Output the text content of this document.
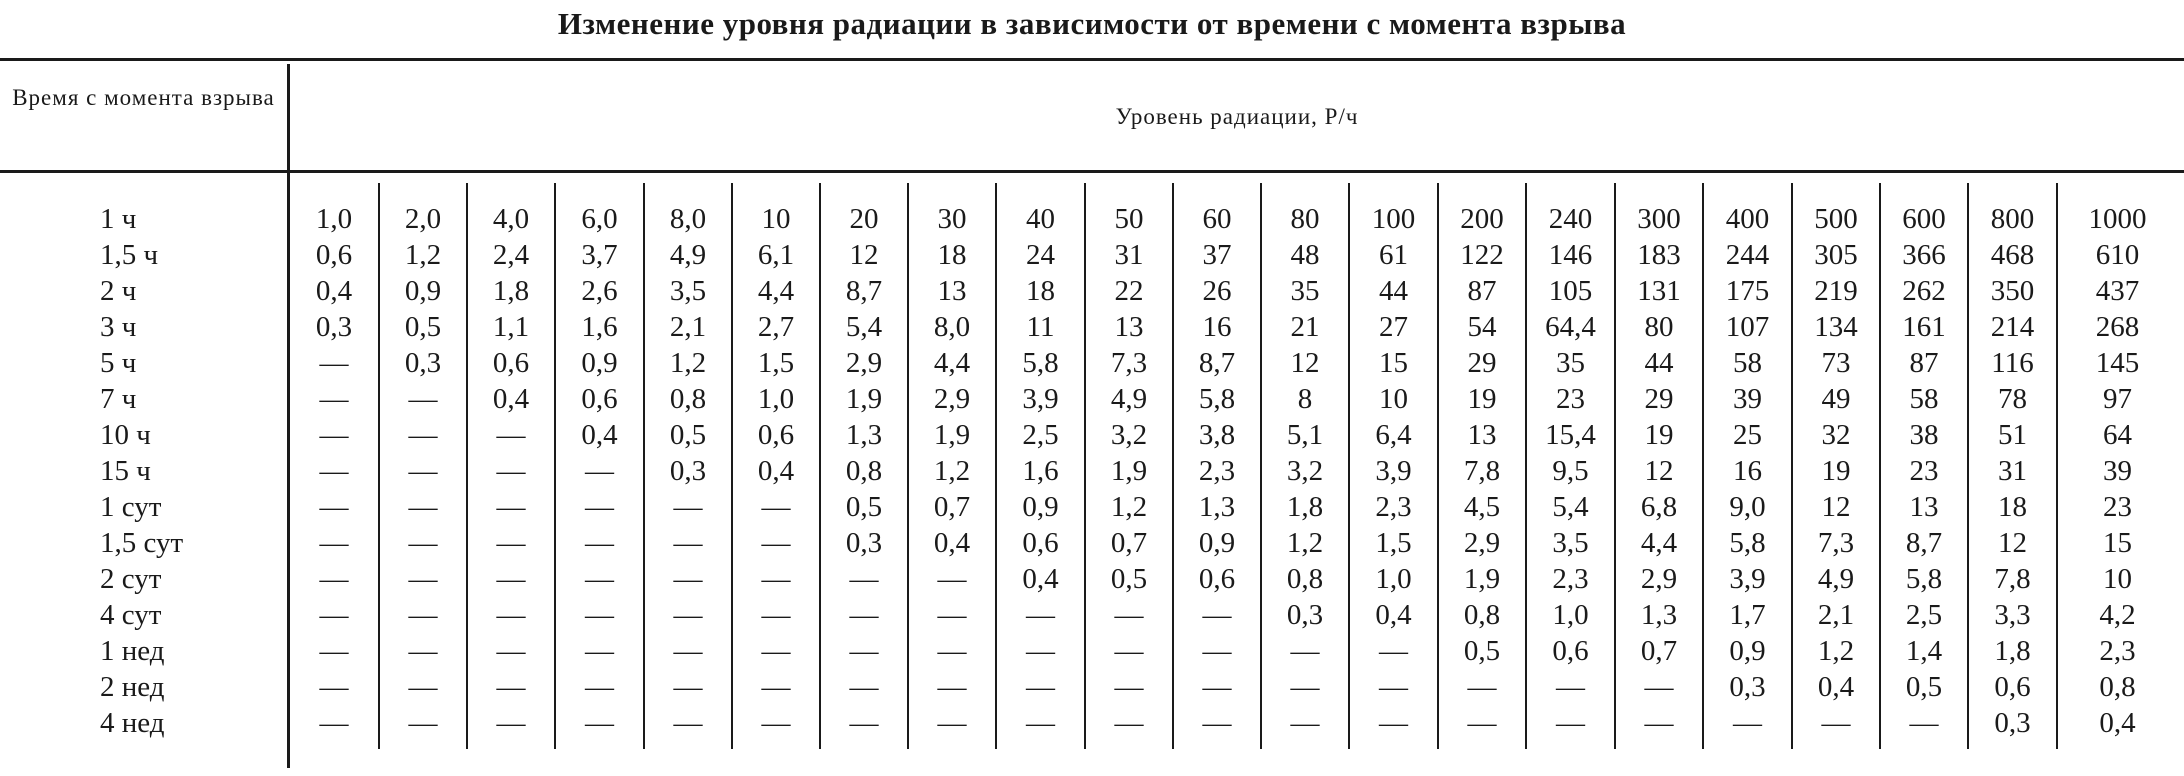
Изменение уровня радиации в зависимости от времени с момента взрыва
Время с момента взрыва
Уровень радиации, Р/ч
1 ч
1,5 ч
2 ч
3 ч
5 ч
7 ч
10 ч
15 ч
1 сут
1,5 сут
2 сут
4 сут
1 нед
2 нед
4 нед
1,0
0,6
0,4
0,3
—
—
—
—
—
—
—
—
—
—
—
2,0
1,2
0,9
0,5
0,3
—
—
—
—
—
—
—
—
—
—
4,0
2,4
1,8
1,1
0,6
0,4
—
—
—
—
—
—
—
—
—
6,0
3,7
2,6
1,6
0,9
0,6
0,4
—
—
—
—
—
—
—
—
8,0
4,9
3,5
2,1
1,2
0,8
0,5
0,3
—
—
—
—
—
—
—
10
6,1
4,4
2,7
1,5
1,0
0,6
0,4
—
—
—
—
—
—
—
20
12
8,7
5,4
2,9
1,9
1,3
0,8
0,5
0,3
—
—
—
—
—
30
18
13
8,0
4,4
2,9
1,9
1,2
0,7
0,4
—
—
—
—
—
40
24
18
11
5,8
3,9
2,5
1,6
0,9
0,6
0,4
—
—
—
—
50
31
22
13
7,3
4,9
3,2
1,9
1,2
0,7
0,5
—
—
—
—
60
37
26
16
8,7
5,8
3,8
2,3
1,3
0,9
0,6
—
—
—
—
80
48
35
21
12
8
5,1
3,2
1,8
1,2
0,8
0,3
—
—
—
100
61
44
27
15
10
6,4
3,9
2,3
1,5
1,0
0,4
—
—
—
200
122
87
54
29
19
13
7,8
4,5
2,9
1,9
0,8
0,5
—
—
240
146
105
64,4
35
23
15,4
9,5
5,4
3,5
2,3
1,0
0,6
—
—
300
183
131
80
44
29
19
12
6,8
4,4
2,9
1,3
0,7
—
—
400
244
175
107
58
39
25
16
9,0
5,8
3,9
1,7
0,9
0,3
—
500
305
219
134
73
49
32
19
12
7,3
4,9
2,1
1,2
0,4
—
600
366
262
161
87
58
38
23
13
8,7
5,8
2,5
1,4
0,5
—
800
468
350
214
116
78
51
31
18
12
7,8
3,3
1,8
0,6
0,3
1000
610
437
268
145
97
64
39
23
15
10
4,2
2,3
0,8
0,4
